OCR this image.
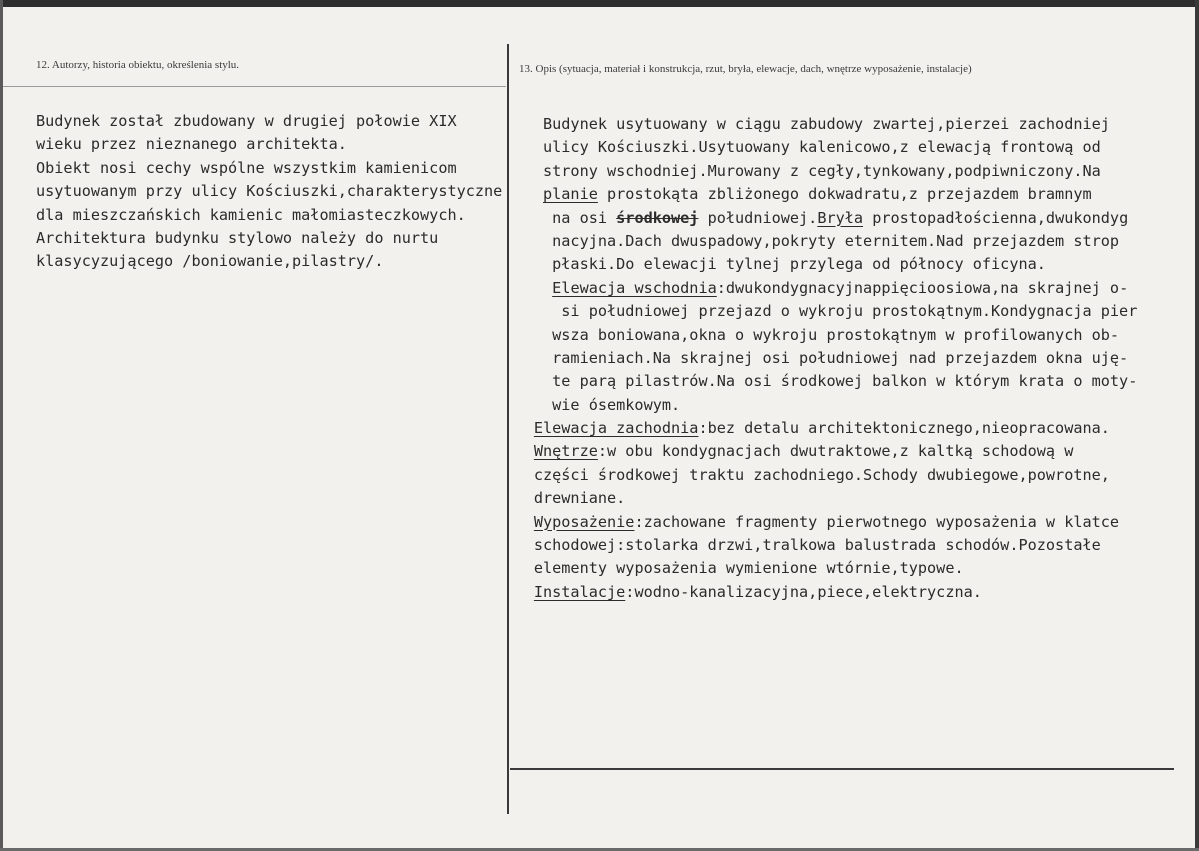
12. Autorzy, historia obiektu, określenia stylu.	13. Opis (sytuacja, materiał i konstrukcja, rzut, bryła, elewacje, dach, wnętrze wyposażenie, instalacje)
Budynek został zbudowany w drugiej połowie XIX
wieku przez nieznanego architekta.
Obiekt nosi cechy wspólne wszystkim kamienicom
usytuowanym przy ulicy Kościuszki,charakterystyczne
dla mieszczańskich kamienic małomiasteczkowych.
Architektura budynku stylowo należy do nurtu
klasycyzującego /boniowanie,pilastry/.
Budynek usytuowany w ciągu zabudowy zwartej,pierzei zachodniej
ulicy Kościuszki.Usytuowany kalenicowo,z elewacją frontową od
strony wschodniej.Murowany z cegły,tynkowany,podpiwniczony.Na
planie prostokąta zbliżonego dokwadratu,z przejazdem bramnym
na osi środkowej południowej.Bryła prostopadłościenna,dwukondyg
nacyjna.Dach dwuspadowy,pokryty eternitem.Nad przejazdem strop
płaski.Do elewacji tylnej przylega od północy oficyna.
Elewacja wschodnia:dwukondygnacyjnappięcioosiowa,na skrajnej o-
si południowej przejazd o wykroju prostokątnym.Kondygnacja pier
wsza boniowana,okna o wykroju prostokątnym w profilowanych ob-
ramieniach.Na skrajnej osi południowej nad przejazdem okna uję-
te parą pilastrów.Na osi środkowej balkon w którym krata o moty-
wie ósemkowym.
Elewacja zachodnia:bez detalu architektonicznego,nieopracowana.
Wnętrze:w obu kondygnacjach dwutraktowe,z kaltką schodową w
części środkowej traktu zachodniego.Schody dwubiegowe,powrotne,
drewniane.
Wyposażenie:zachowane fragmenty pierwotnego wyposażenia w klatce
schodowej:stolarka drzwi,tralkowa balustrada schodów.Pozostałe
elementy wyposażenia wymienione wtórnie,typowe.
Instalacje:wodno-kanalizacyjna,piece,elektryczna.
